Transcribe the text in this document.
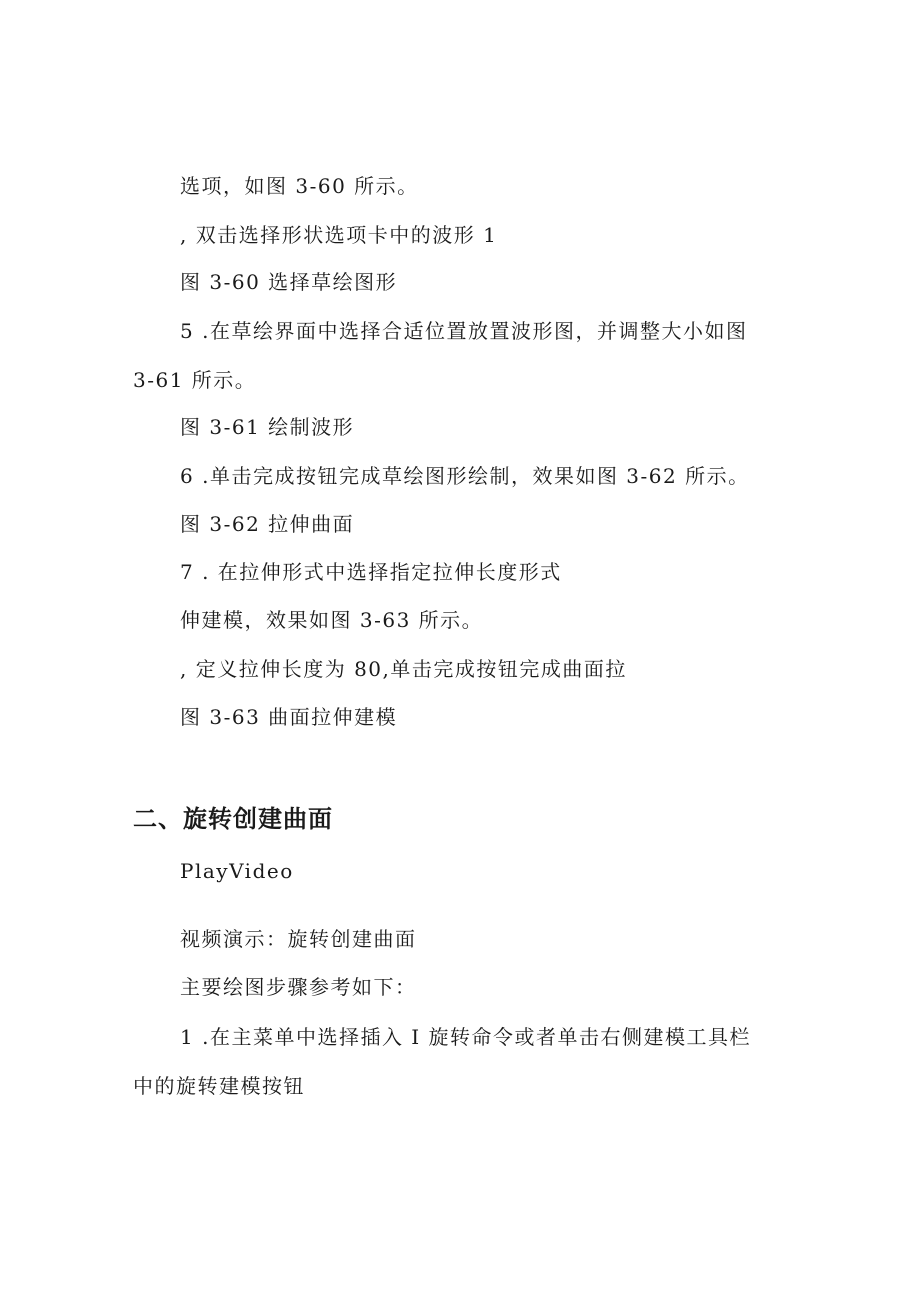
选项，如图 3-60 所示。
, 双击选择形状选项卡中的波形 1
图 3-60 选择草绘图形
5 .在草绘界面中选择合适位置放置波形图，并调整大小如图
3-61 所示。
图 3-61 绘制波形
6 .单击完成按钮完成草绘图形绘制，效果如图 3-62 所示。
图 3-62 拉伸曲面
7 . 在拉伸形式中选择指定拉伸长度形式
伸建模，效果如图 3-63 所示。
, 定义拉伸长度为 80,单击完成按钮完成曲面拉
图 3-63 曲面拉伸建模
二、旋转创建曲面
PlayVideo
视频演示：旋转创建曲面
主要绘图步骤参考如下：
1 .在主菜单中选择插入 I 旋转命令或者单击右侧建模工具栏
中的旋转建模按钮
